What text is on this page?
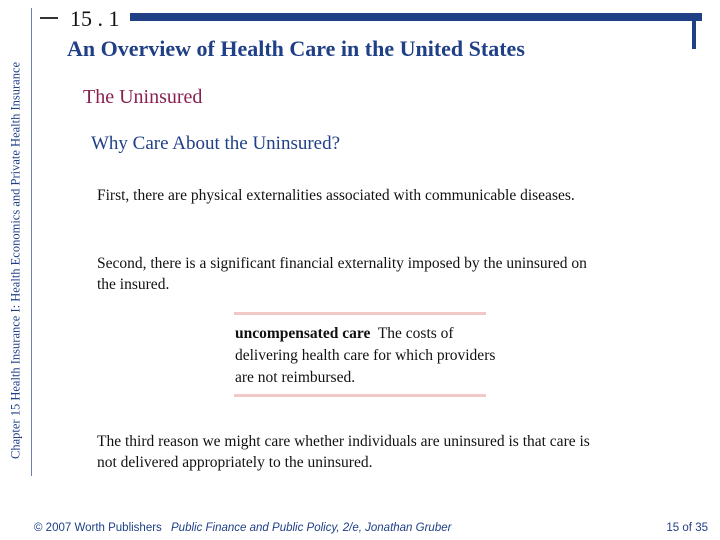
Chapter 15 Health Insurance I: Health Economics and Private Health Insurance
15 . 1
An Overview of Health Care in the United States
The Uninsured
Why Care About the Uninsured?
First, there are physical externalities associated with communicable diseases.
Second, there is a significant financial externality imposed by the uninsured on the insured.
uncompensated care The costs of delivering health care for which providers are not reimbursed.
The third reason we might care whether individuals are uninsured is that care is not delivered appropriately to the uninsured.
© 2007 Worth Publishers Public Finance and Public Policy, 2/e, Jonathan Gruber	15 of 35
